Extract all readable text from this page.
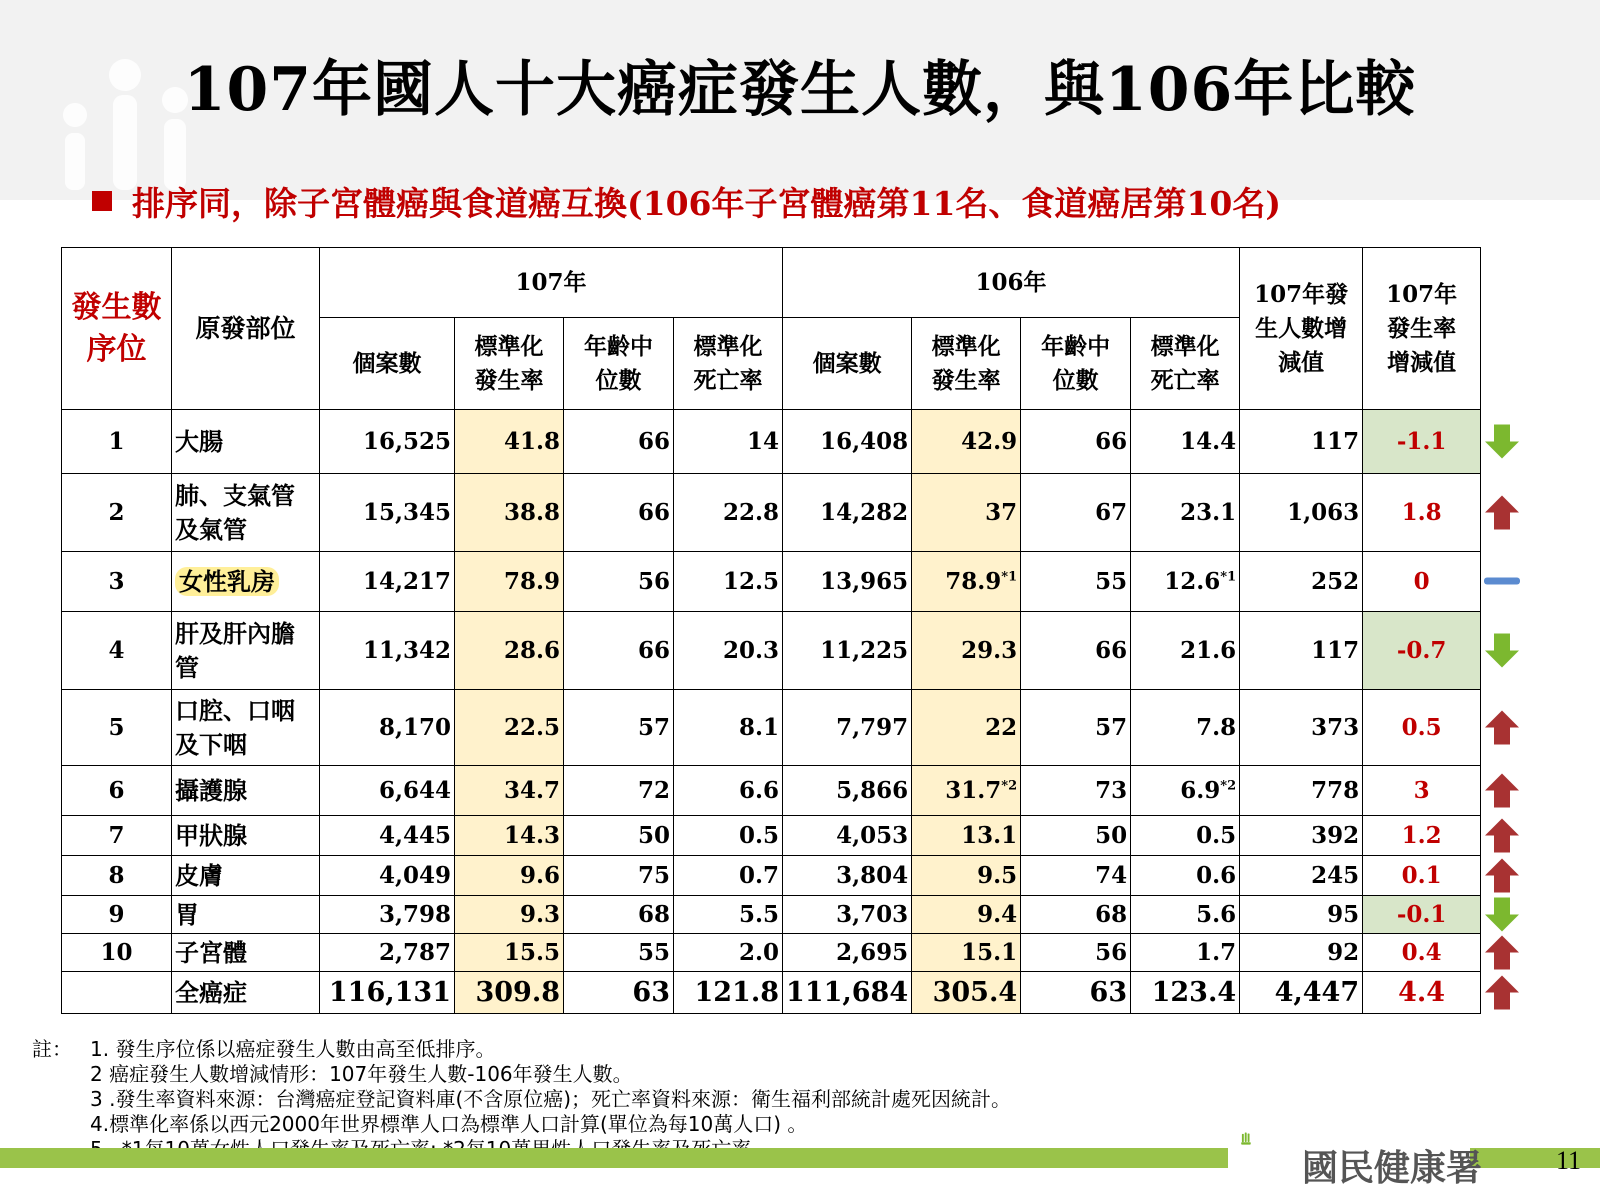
107年國人十大癌症發生人數，與106年比較
排序同，除子宮體癌與食道癌互換(106年子宮體癌第11名、食道癌居第10名)
發生數序位	原發部位	107年				106年				107年發生人數增減值	107年發生率增減值

		個案數	標準化發生率	年齡中位數	標準化死亡率	個案數	標準化發生率	年齡中位數	標準化死亡率		

1	大腸	16,525	41.8	66	14	16,408	42.9	66	14.4	117	-1.1
2	肺、支氣管及氣管	15,345	38.8	66	22.8	14,282	37	67	23.1	1,063	1.8
3	女性乳房	14,217	78.9	56	12.5	13,965	78.9$^{*1}$	55	12.6$^{*1}$	252	0
4	肝及肝內膽管	11,342	28.6	66	20.3	11,225	29.3	66	21.6	117	-0.7
5	口腔、口咽及下咽	8,170	22.5	57	8.1	7,797	22	57	7.8	373	0.5
6	攝護腺	6,644	34.7	72	6.6	5,866	31.7$^{*2}$	73	6.9$^{*2}$	778	3
7	甲狀腺	4,445	14.3	50	0.5	4,053	13.1	50	0.5	392	1.2
8	皮膚	4,049	9.6	75	0.7	3,804	9.5	74	0.6	245	0.1
9	胃	3,798	9.3	68	5.5	3,703	9.4	68	5.6	95	-0.1
10	子宮體	2,787	15.5	55	2.0	2,695	15.1	56	1.7	92	0.4

	全癌症	116,131	309.8	63	121.8	111,684	305.4	63	123.4	4,447	4.4
註： 1. 發生序位係以癌症發生人數由高至低排序。
2 癌症發生人數增減情形：107年發生人數-106年發生人數。
3 .發生率資料來源：台灣癌症登記資料庫(不含原位癌)；死亡率資料來源：衛生福利部統計處死因統計。
4.標準化率係以西元2000年世界標準人口為標準人口計算(單位為每10萬人口) 。
國民健康署	11
